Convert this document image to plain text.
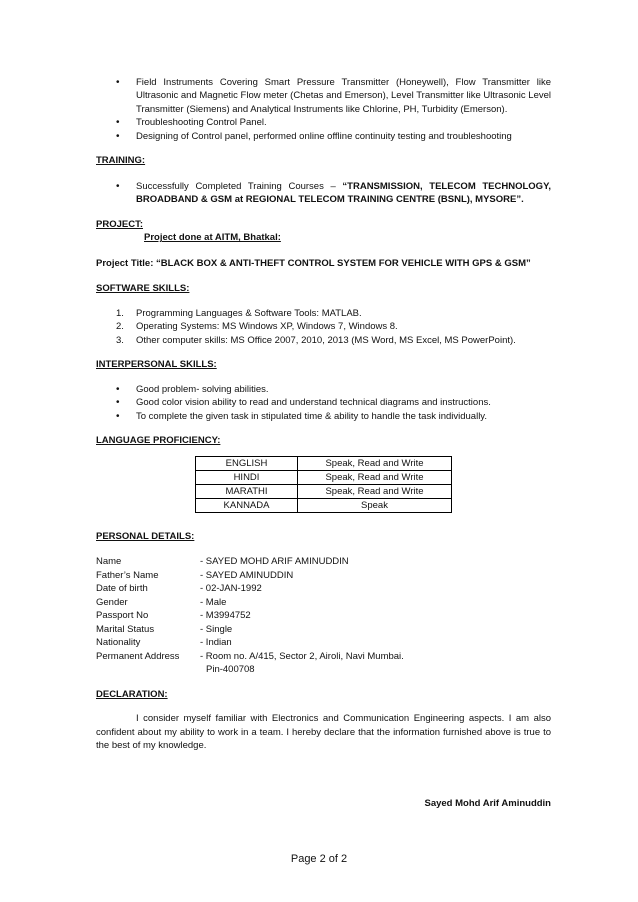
• Field Instruments Covering Smart Pressure Transmitter (Honeywell), Flow Transmitter like Ultrasonic and Magnetic Flow meter (Chetas and Emerson), Level Transmitter like Ultrasonic Level Transmitter (Siemens) and Analytical Instruments like Chlorine, PH, Turbidity (Emerson).
• Troubleshooting Control Panel.
• Designing of Control panel, performed online offline continuity testing and troubleshooting
TRAINING:
• Successfully Completed Training Courses – “TRANSMISSION, TELECOM TECHNOLOGY, BROADBAND & GSM at REGIONAL TELECOM TRAINING CENTRE (BSNL), MYSORE”.
PROJECT:
Project done at AITM, Bhatkal:
Project Title: “BLACK BOX & ANTI-THEFT CONTROL SYSTEM FOR VEHICLE WITH GPS & GSM”
SOFTWARE SKILLS:
1. Programming Languages & Software Tools: MATLAB.
2. Operating Systems: MS Windows XP, Windows 7, Windows 8.
3. Other computer skills: MS Office 2007, 2010, 2013 (MS Word, MS Excel, MS PowerPoint).
INTERPERSONAL SKILLS:
• Good problem- solving abilities.
• Good color vision ability to read and understand technical diagrams and instructions.
• To complete the given task in stipulated time & ability to handle the task individually.
LANGUAGE PROFICIENCY:
ENGLISH	Speak, Read and Write
HINDI	Speak, Read and Write
MARATHI	Speak, Read and Write
KANNADA	Speak
PERSONAL DETAILS:
Name	- SAYED MOHD ARIF AMINUDDIN
Father’s Name	- SAYED AMINUDDIN
Date of birth	- 02-JAN-1992
Gender	- Male
Passport No	- M3994752
Marital Status	- Single
Nationality	- Indian
Permanent Address	- Room no. A/415, Sector 2, Airoli, Navi Mumbai.
Pin-400708
DECLARATION:
I consider myself familiar with Electronics and Communication Engineering aspects. I am also confident about my ability to work in a team. I hereby declare that the information furnished above is true to the best of my knowledge.
Sayed Mohd Arif Aminuddin
Page 2 of 2
